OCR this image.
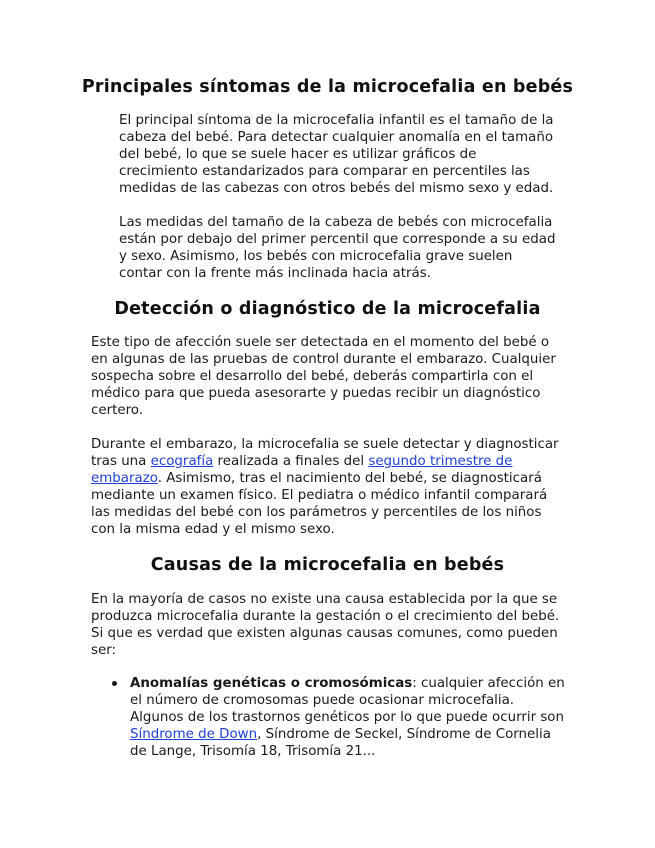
Principales síntomas de la microcefalia en bebés

El principal síntoma de la microcefalia infantil es el tamaño de la cabeza del bebé. Para detectar cualquier anomalía en el tamaño del bebé, lo que se suele hacer es utilizar gráficos de crecimiento estandarizados para comparar en percentiles las medidas de las cabezas con otros bebés del mismo sexo y edad.

Las medidas del tamaño de la cabeza de bebés con microcefalia están por debajo del primer percentil que corresponde a su edad y sexo. Asimismo, los bebés con microcefalia grave suelen contar con la frente más inclinada hacia atrás.

Detección o diagnóstico de la microcefalia

Este tipo de afección suele ser detectada en el momento del bebé o en algunas de las pruebas de control durante el embarazo. Cualquier sospecha sobre el desarrollo del bebé, deberás compartirla con el médico para que pueda asesorarte y puedas recibir un diagnóstico certero.

Durante el embarazo, la microcefalia se suele detectar y diagnosticar tras una ecografía realizada a finales del segundo trimestre de embarazo. Asimismo, tras el nacimiento del bebé, se diagnosticará mediante un examen físico. El pediatra o médico infantil comparará las medidas del bebé con los parámetros y percentiles de los niños con la misma edad y el mismo sexo.

Causas de la microcefalia en bebés

En la mayoría de casos no existe una causa establecida por la que se produzca microcefalia durante la gestación o el crecimiento del bebé. Si que es verdad que existen algunas causas comunes, como pueden ser:

Anomalías genéticas o cromosómicas: cualquier afección en el número de cromosomas puede ocasionar microcefalia. Algunos de los trastornos genéticos por lo que puede ocurrir son Síndrome de Down, Síndrome de Seckel, Síndrome de Cornelia de Lange, Trisomía 18, Trisomía 21...
